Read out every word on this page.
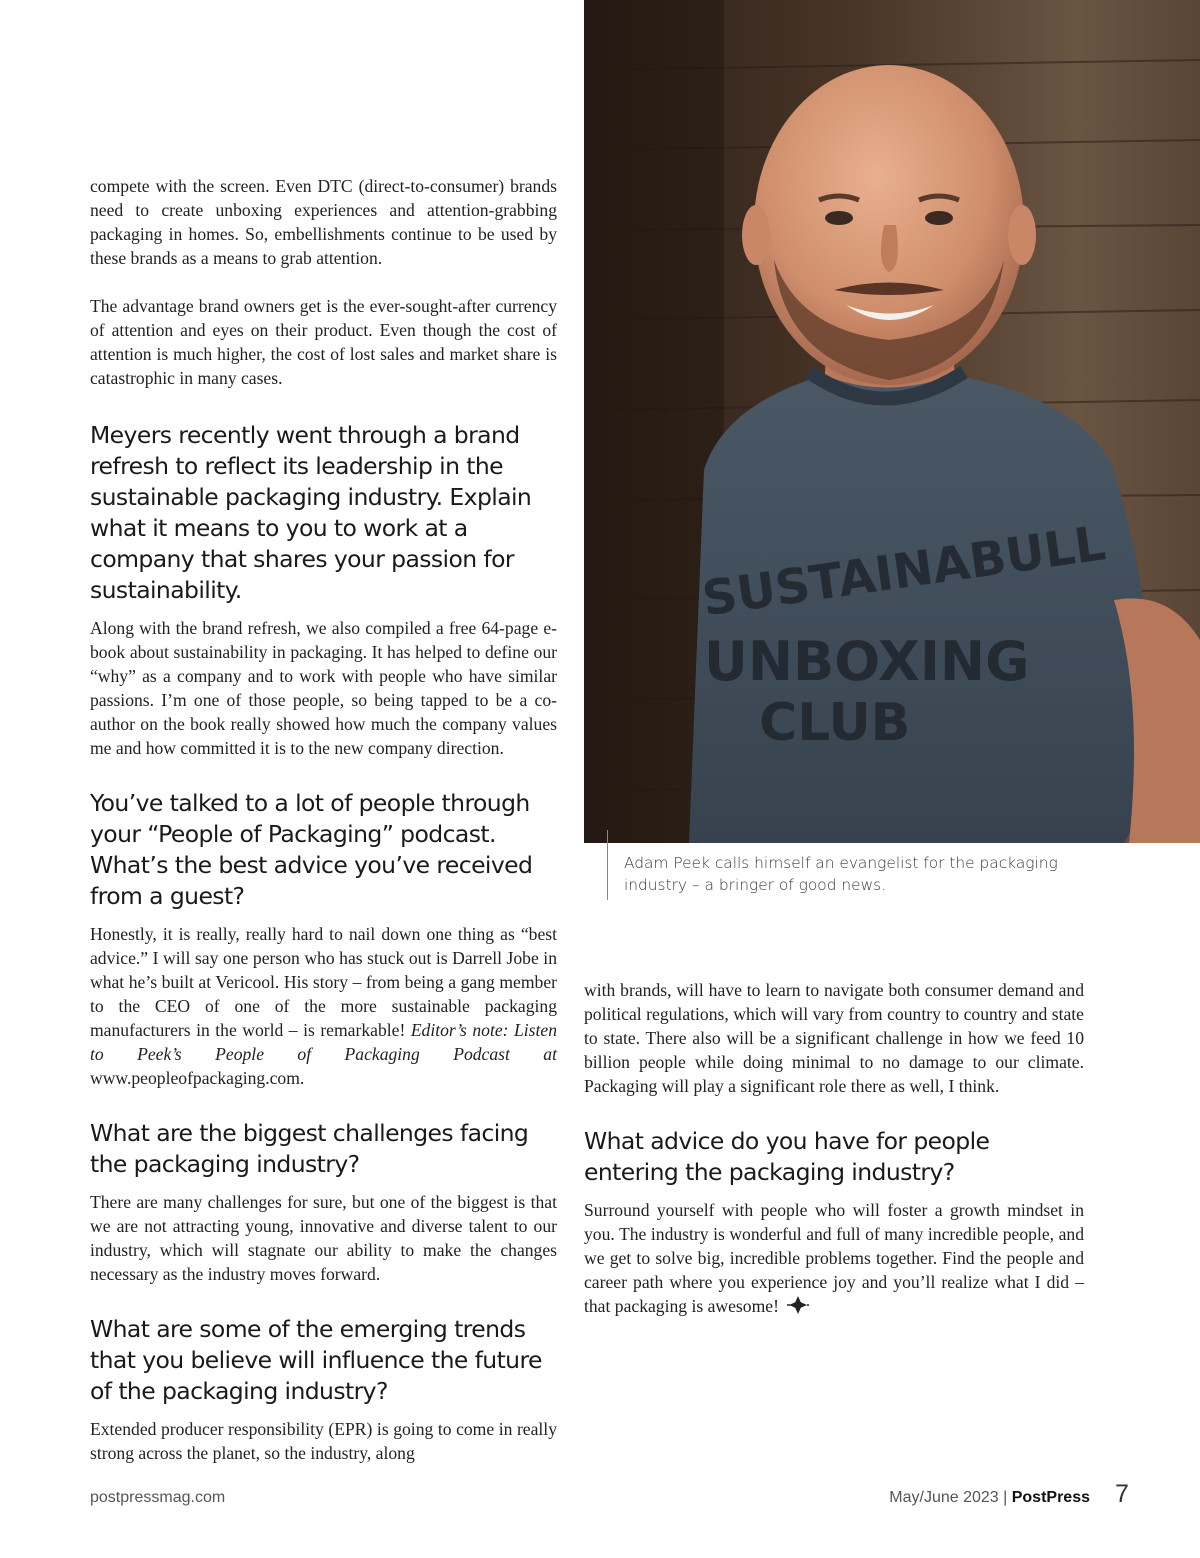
compete with the screen. Even DTC (direct-to-consumer) brands need to create unboxing experiences and attention-grabbing packaging in homes. So, embellishments continue to be used by these brands as a means to grab attention.

The advantage brand owners get is the ever-sought-after currency of attention and eyes on their product. Even though the cost of attention is much higher, the cost of lost sales and market share is catastrophic in many cases.

Meyers recently went through a brand refresh to reflect its leadership in the sustainable packaging industry. Explain what it means to you to work at a company that shares your passion for sustainability.

Along with the brand refresh, we also compiled a free 64-page e-book about sustainability in packaging. It has helped to define our “why” as a company and to work with people who have similar passions. I’m one of those people, so being tapped to be a co-author on the book really showed how much the company values me and how committed it is to the new company direction.

You’ve talked to a lot of people through your “People of Packaging” podcast. What’s the best advice you’ve received from a guest?

Honestly, it is really, really hard to nail down one thing as “best advice.” I will say one person who has stuck out is Darrell Jobe in what he’s built at Vericool. His story – from being a gang member to the CEO of one of the more sustainable packaging manufacturers in the world – is remarkable! Editor’s note: Listen to Peek’s People of Packaging Podcast at www.peopleofpackaging.com.

What are the biggest challenges facing the packaging industry?

There are many challenges for sure, but one of the biggest is that we are not attracting young, innovative and diverse talent to our industry, which will stagnate our ability to make the changes necessary as the industry moves forward.

What are some of the emerging trends that you believe will influence the future of the packaging industry?

Extended producer responsibility (EPR) is going to come in really strong across the planet, so the industry, along

SUSTAINABULL
UNBOXING
CLUB
Adam Peek calls himself an evangelist for the packaging industry – a bringer of good news.

with brands, will have to learn to navigate both consumer demand and political regulations, which will vary from country to country and state to state. There also will be a significant challenge in how we feed 10 billion people while doing minimal to no damage to our climate. Packaging will play a significant role there as well, I think.

What advice do you have for people entering the packaging industry?

Surround yourself with people who will foster a growth mindset in you. The industry is wonderful and full of many incredible people, and we get to solve big, incredible problems together. Find the people and career path where you experience joy and you’ll realize what I did – that packaging is awesome!

postpressmag.com	May/June 2023 | PostPress 7
